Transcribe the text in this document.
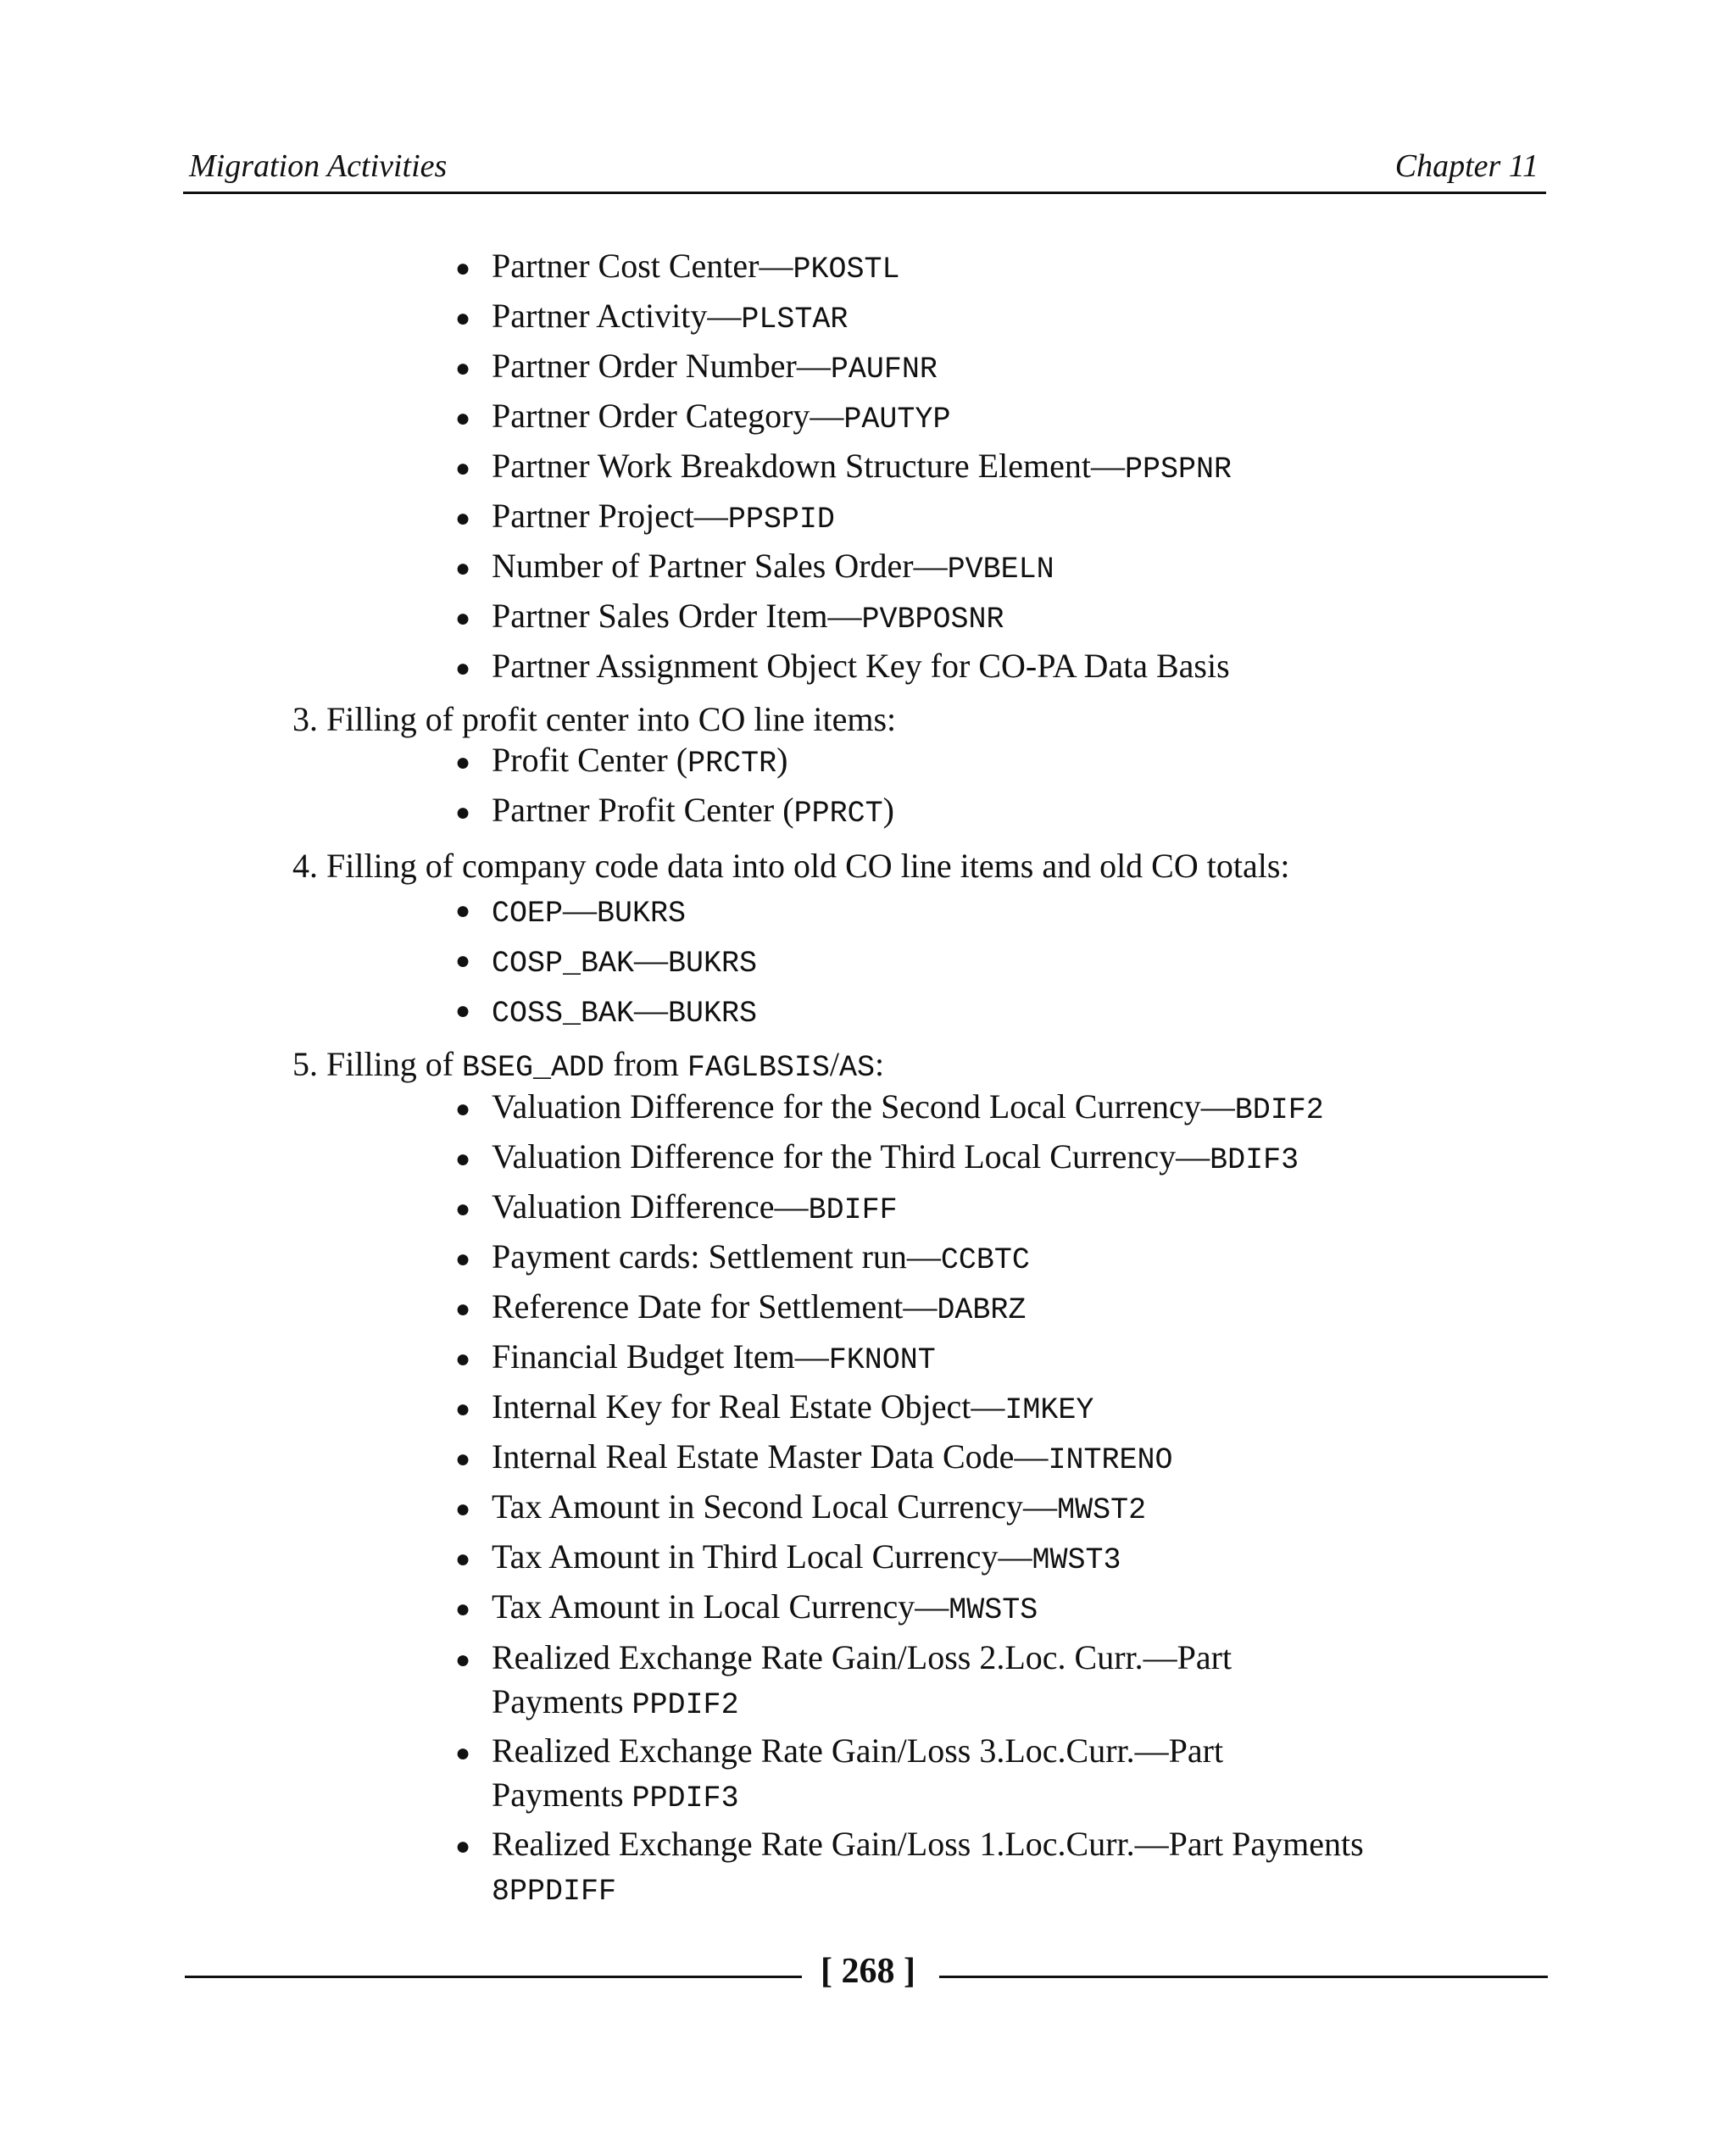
Migration Activities	Chapter 11
● Partner Cost Center—PKOSTL
● Partner Activity—PLSTAR
● Partner Order Number—PAUFNR
● Partner Order Category—PAUTYP
● Partner Work Breakdown Structure Element—PPSPNR
● Partner Project—PPSPID
● Number of Partner Sales Order—PVBELN
● Partner Sales Order Item—PVBPOSNR
● Partner Assignment Object Key for CO-PA Data Basis
3. Filling of profit center into CO line items:
● Profit Center (PRCTR)
● Partner Profit Center (PPRCT)
4. Filling of company code data into old CO line items and old CO totals:
● COEP—BUKRS
● COSP_BAK—BUKRS
● COSS_BAK—BUKRS
5. Filling of BSEG_ADD from FAGLBSIS/AS:
● Valuation Difference for the Second Local Currency—BDIF2
● Valuation Difference for the Third Local Currency—BDIF3
● Valuation Difference—BDIFF
● Payment cards: Settlement run—CCBTC
● Reference Date for Settlement—DABRZ
● Financial Budget Item—FKNONT
● Internal Key for Real Estate Object—IMKEY
● Internal Real Estate Master Data Code—INTRENO
● Tax Amount in Second Local Currency—MWST2
● Tax Amount in Third Local Currency—MWST3
● Tax Amount in Local Currency—MWSTS
● Realized Exchange Rate Gain/Loss 2.Loc. Curr.—Part
Payments PPDIF2
● Realized Exchange Rate Gain/Loss 3.Loc.Curr.—Part
Payments PPDIF3
● Realized Exchange Rate Gain/Loss 1.Loc.Curr.—Part Payments
8PPDIFF
[ 268 ]
